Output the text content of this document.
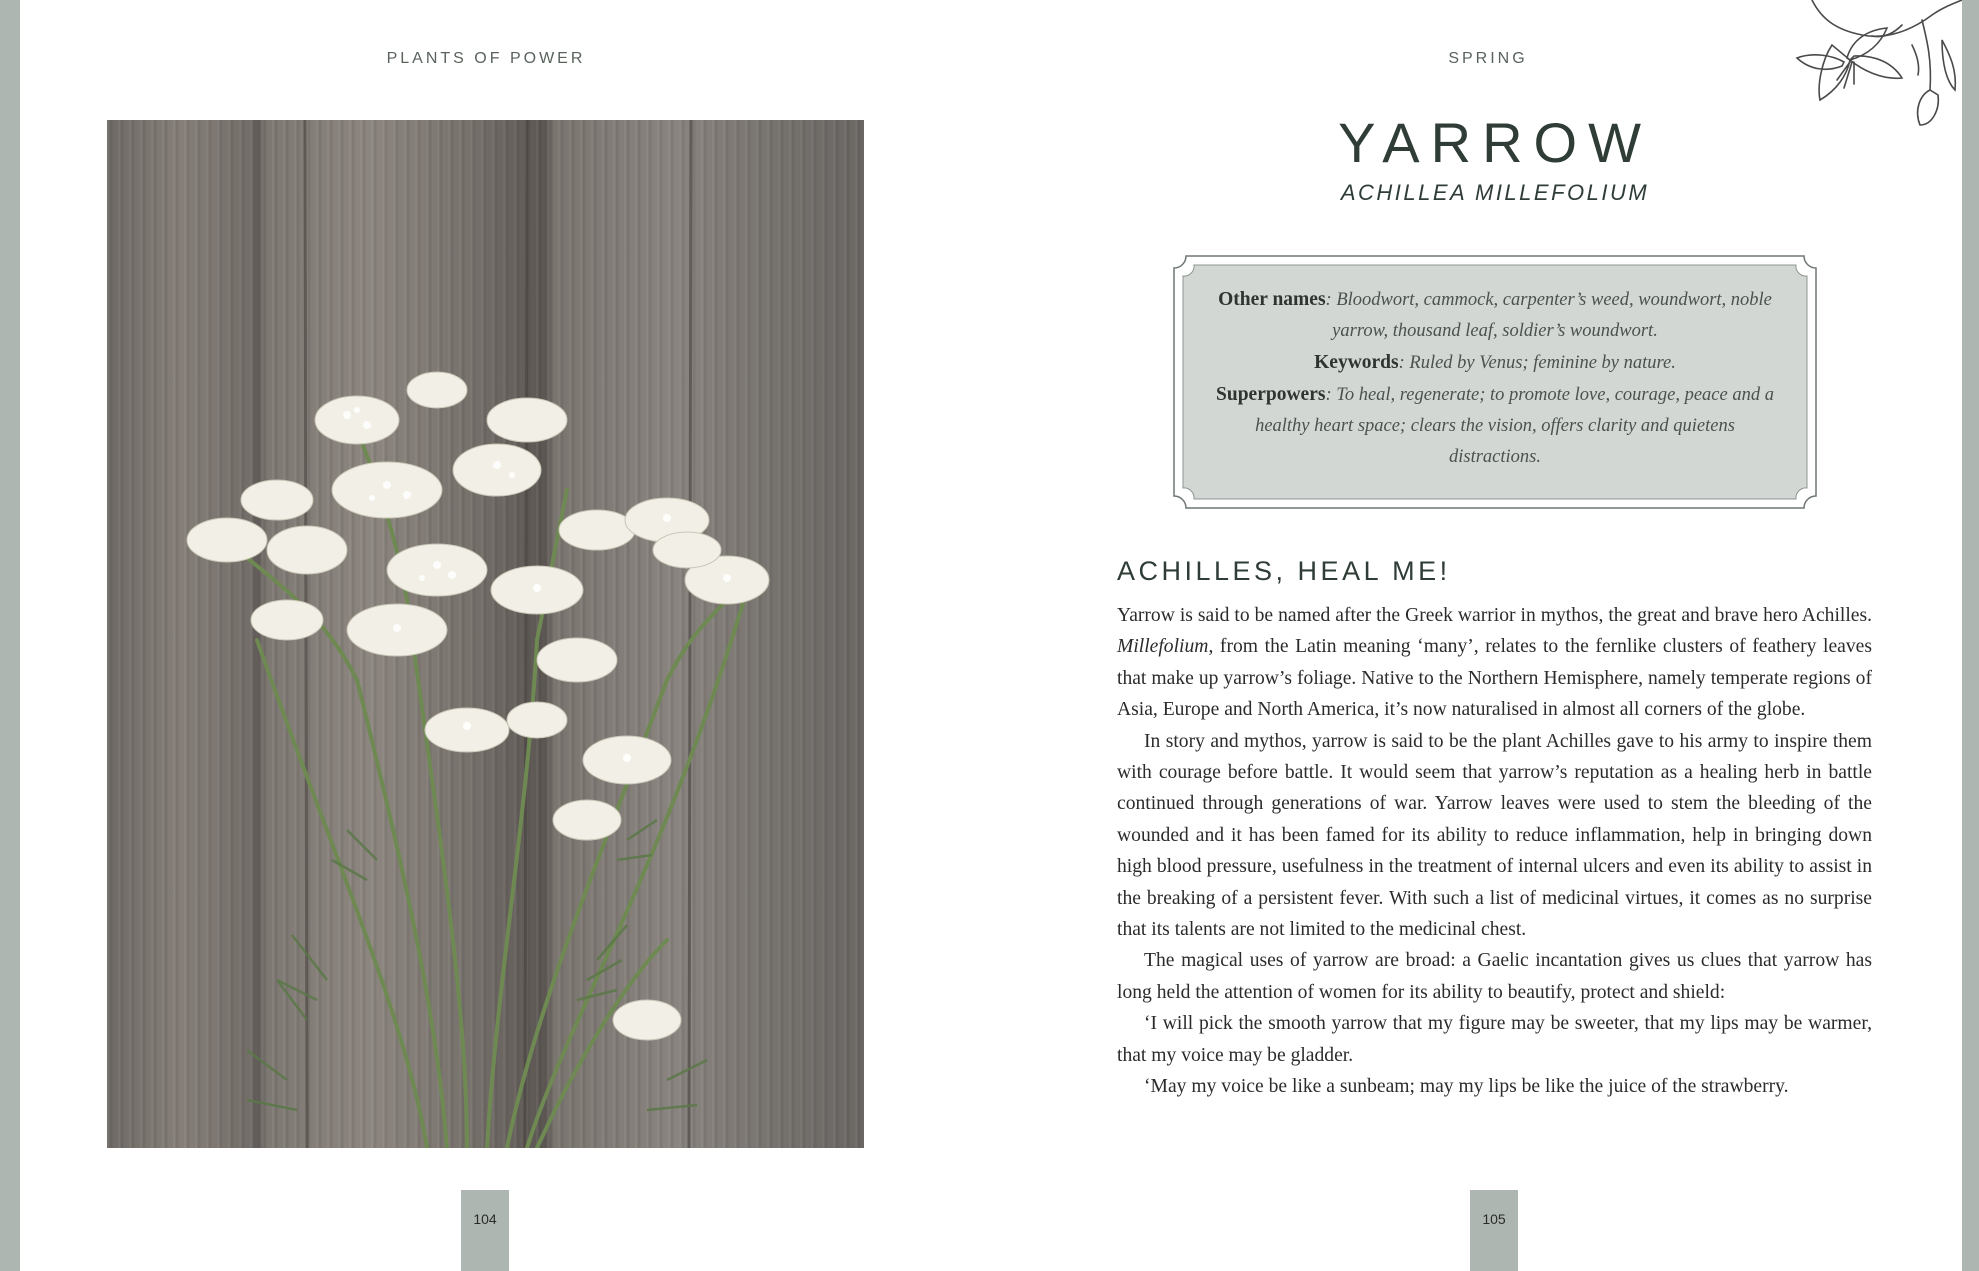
PLANTS OF POWER
104
SPRING
YARROW
ACHILLEA MILLEFOLIUM
Other names: Bloodwort, cammock, carpenter’s weed, woundwort, noble yarrow, thousand leaf, soldier’s woundwort.
Keywords: Ruled by Venus; feminine by nature.
Superpowers: To heal, regenerate; to promote love, courage, peace and a healthy heart space; clears the vision, offers clarity and quietens distractions.
ACHILLES, HEAL ME!

Yarrow is said to be named after the Greek warrior in mythos, the great and brave hero Achilles. Millefolium, from the Latin meaning ‘many’, relates to the fernlike clusters of feathery leaves that make up yarrow’s foliage. Native to the Northern Hemisphere, namely temperate regions of Asia, Europe and North America, it’s now naturalised in almost all corners of the globe.

In story and mythos, yarrow is said to be the plant Achilles gave to his army to inspire them with courage before battle. It would seem that yarrow’s reputation as a healing herb in battle continued through generations of war. Yarrow leaves were used to stem the bleeding of the wounded and it has been famed for its ability to reduce inflammation, help in bringing down high blood pressure, usefulness in the treatment of internal ulcers and even its ability to assist in the breaking of a persistent fever. With such a list of medicinal virtues, it comes as no surprise that its talents are not limited to the medicinal chest.

The magical uses of yarrow are broad: a Gaelic incantation gives us clues that yarrow has long held the attention of women for its ability to beautify, protect and shield:

‘I will pick the smooth yarrow that my figure may be sweeter, that my lips may be warmer, that my voice may be gladder.

‘May my voice be like a sunbeam; may my lips be like the juice of the strawberry.

105
